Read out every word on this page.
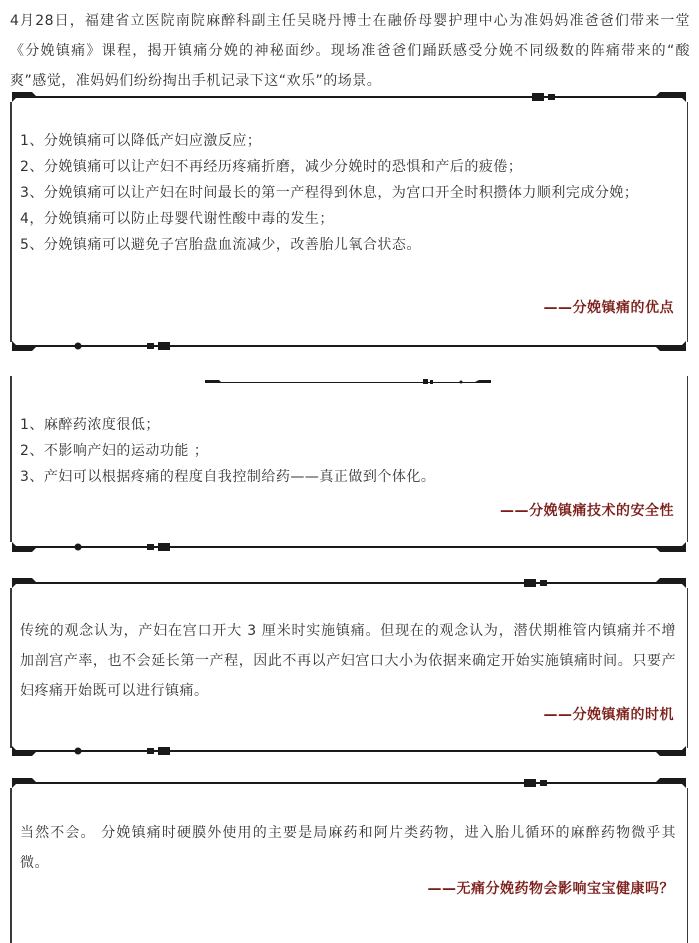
4月28日，福建省立医院南院麻醉科副主任吴晓丹博士在融侨母婴护理中心为准妈妈准爸爸们带来一堂《分娩镇痛》课程，揭开镇痛分娩的神秘面纱。现场准爸爸们踊跃感受分娩不同级数的阵痛带来的“酸爽”感觉，准妈妈们纷纷掏出手机记录下这“欢乐”的场景。

1、分娩镇痛可以降低产妇应激反应；

2、分娩镇痛可以让产妇不再经历疼痛折磨，减少分娩时的恐惧和产后的疲倦；

3、分娩镇痛可以让产妇在时间最长的第一产程得到休息，为宫口开全时积攒体力顺利完成分娩；

4，分娩镇痛可以防止母婴代谢性酸中毒的发生；

5、分娩镇痛可以避免子宫胎盘血流减少，改善胎儿氧合状态。

——分娩镇痛的优点

1、麻醉药浓度很低；

2、不影响产妇的运动功能 ；

3、产妇可以根据疼痛的程度自我控制给药——真正做到个体化。

——分娩镇痛技术的安全性

传统的观念认为，产妇在宫口开大 3 厘米时实施镇痛。但现在的观念认为，潜伏期椎管内镇痛并不增加剖宫产率，也不会延长第一产程，因此不再以产妇宫口大小为依据来确定开始实施镇痛时间。只要产妇疼痛开始既可以进行镇痛。

——分娩镇痛的时机

当然不会。 分娩镇痛时硬膜外使用的主要是局麻药和阿片类药物，进入胎儿循环的麻醉药物微乎其微。

——无痛分娩药物会影响宝宝健康吗？
